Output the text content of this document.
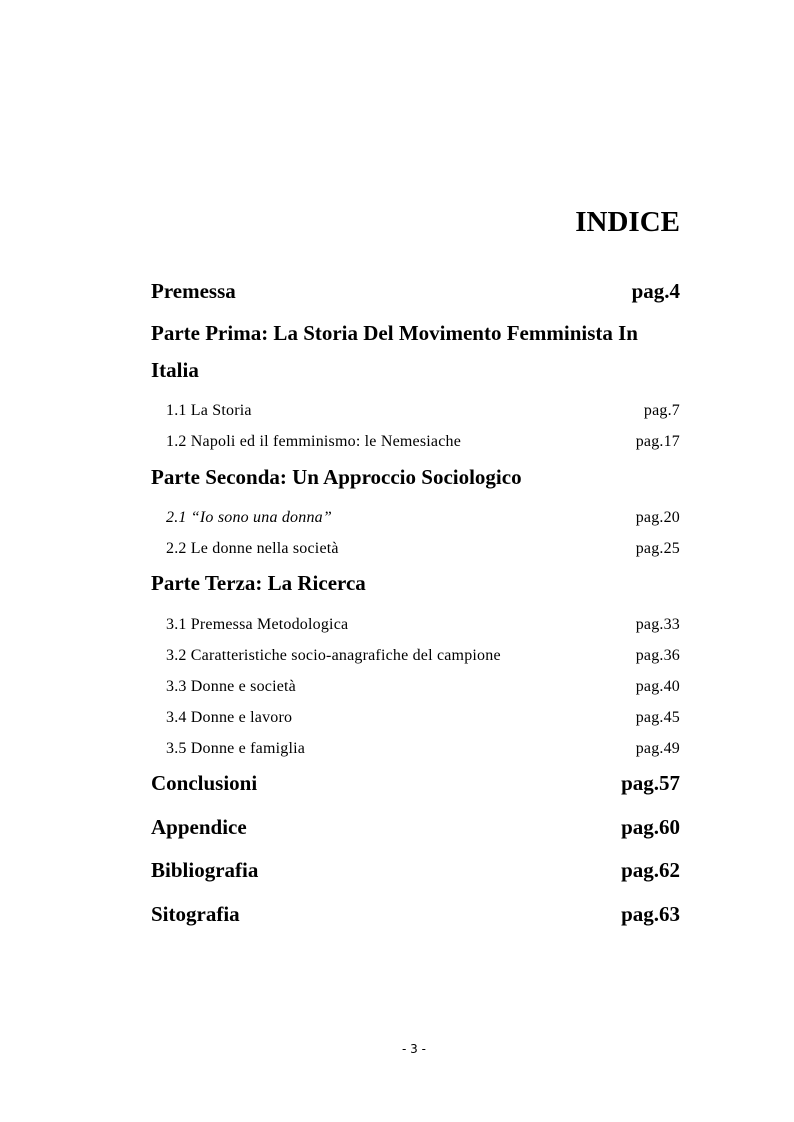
INDICE
Premessa	pag.4
Parte Prima: La Storia Del Movimento Femminista In
Italia
1.1 La Storia	pag.7
1.2 Napoli ed il femminismo: le Nemesiache	pag.17
Parte Seconda: Un Approccio Sociologico
2.1 “Io sono una donna”	pag.20
2.2 Le donne nella società	pag.25
Parte Terza: La Ricerca
3.1 Premessa Metodologica	pag.33
3.2 Caratteristiche socio-anagrafiche del campione	pag.36
3.3 Donne e società	pag.40
3.4 Donne e lavoro	pag.45
3.5 Donne e famiglia	pag.49
Conclusioni	pag.57
Appendice	pag.60
Bibliografia	pag.62
Sitografia	pag.63
- 3 -
